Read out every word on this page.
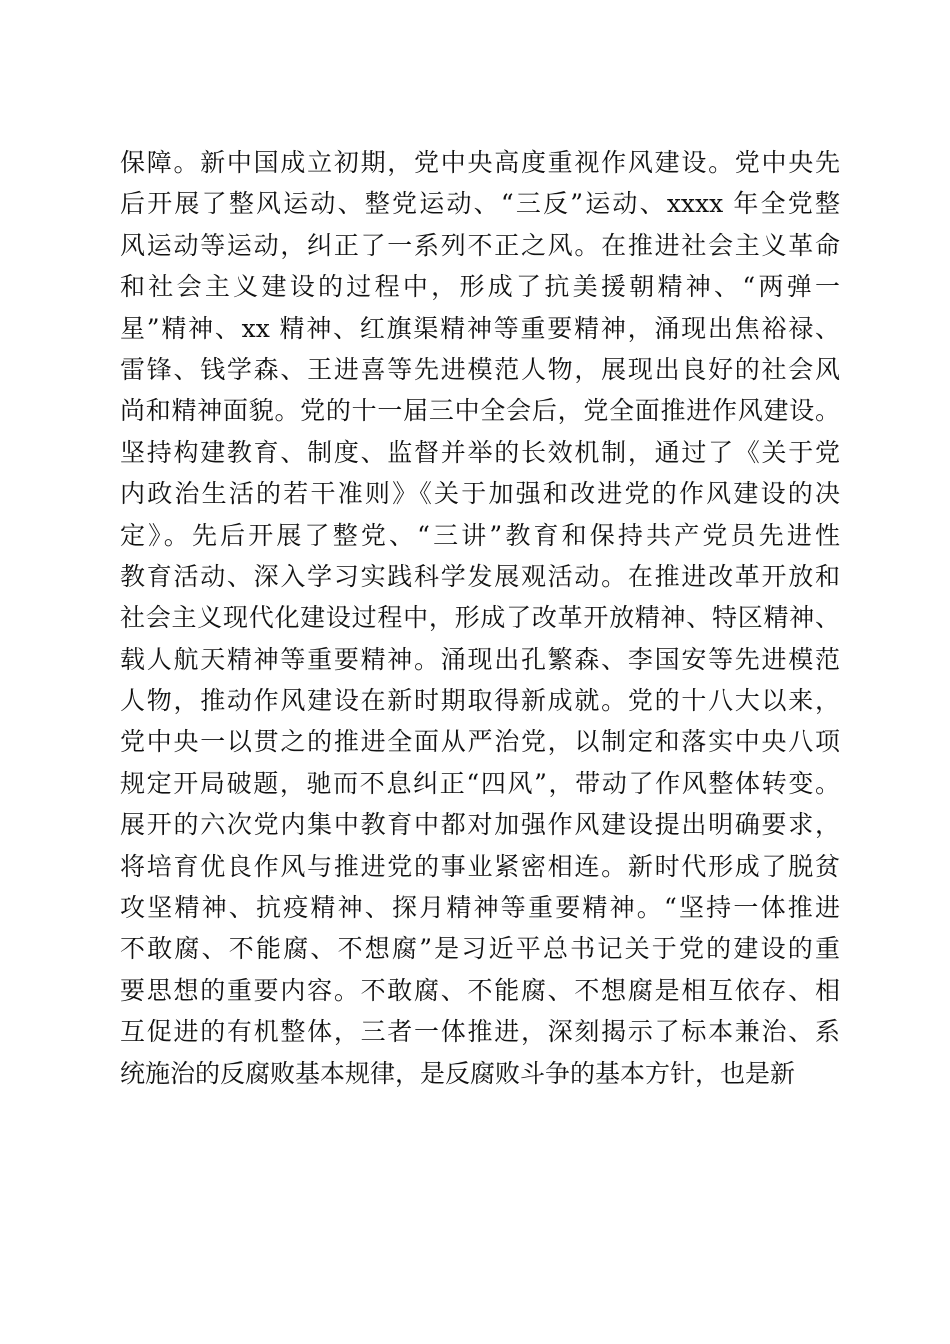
保障。新中国成立初期，党中央高度重视作风建设。党中央先
后开展了整风运动、整党运动、“三反”运动、xxxx 年全党整
风运动等运动，纠正了一系列不正之风。在推进社会主义革命
和社会主义建设的过程中，形成了抗美援朝精神、“两弹一
星”精神、xx 精神、红旗渠精神等重要精神，涌现出焦裕禄、
雷锋、钱学森、王进喜等先进模范人物，展现出良好的社会风
尚和精神面貌。党的十一届三中全会后，党全面推进作风建设。
坚持构建教育、制度、监督并举的长效机制，通过了《关于党
内政治生活的若干准则》《关于加强和改进党的作风建设的决
定》。先后开展了整党、“三讲”教育和保持共产党员先进性
教育活动、深入学习实践科学发展观活动。在推进改革开放和
社会主义现代化建设过程中，形成了改革开放精神、特区精神、
载人航天精神等重要精神。涌现出孔繁森、李国安等先进模范
人物，推动作风建设在新时期取得新成就。党的十八大以来，
党中央一以贯之的推进全面从严治党，以制定和落实中央八项
规定开局破题，驰而不息纠正“四风”，带动了作风整体转变。
展开的六次党内集中教育中都对加强作风建设提出明确要求，
将培育优良作风与推进党的事业紧密相连。新时代形成了脱贫
攻坚精神、抗疫精神、探月精神等重要精神。“坚持一体推进
不敢腐、不能腐、不想腐”是习近平总书记关于党的建设的重
要思想的重要内容。不敢腐、不能腐、不想腐是相互依存、相
互促进的有机整体，三者一体推进，深刻揭示了标本兼治、系
统施治的反腐败基本规律，是反腐败斗争的基本方针，也是新
